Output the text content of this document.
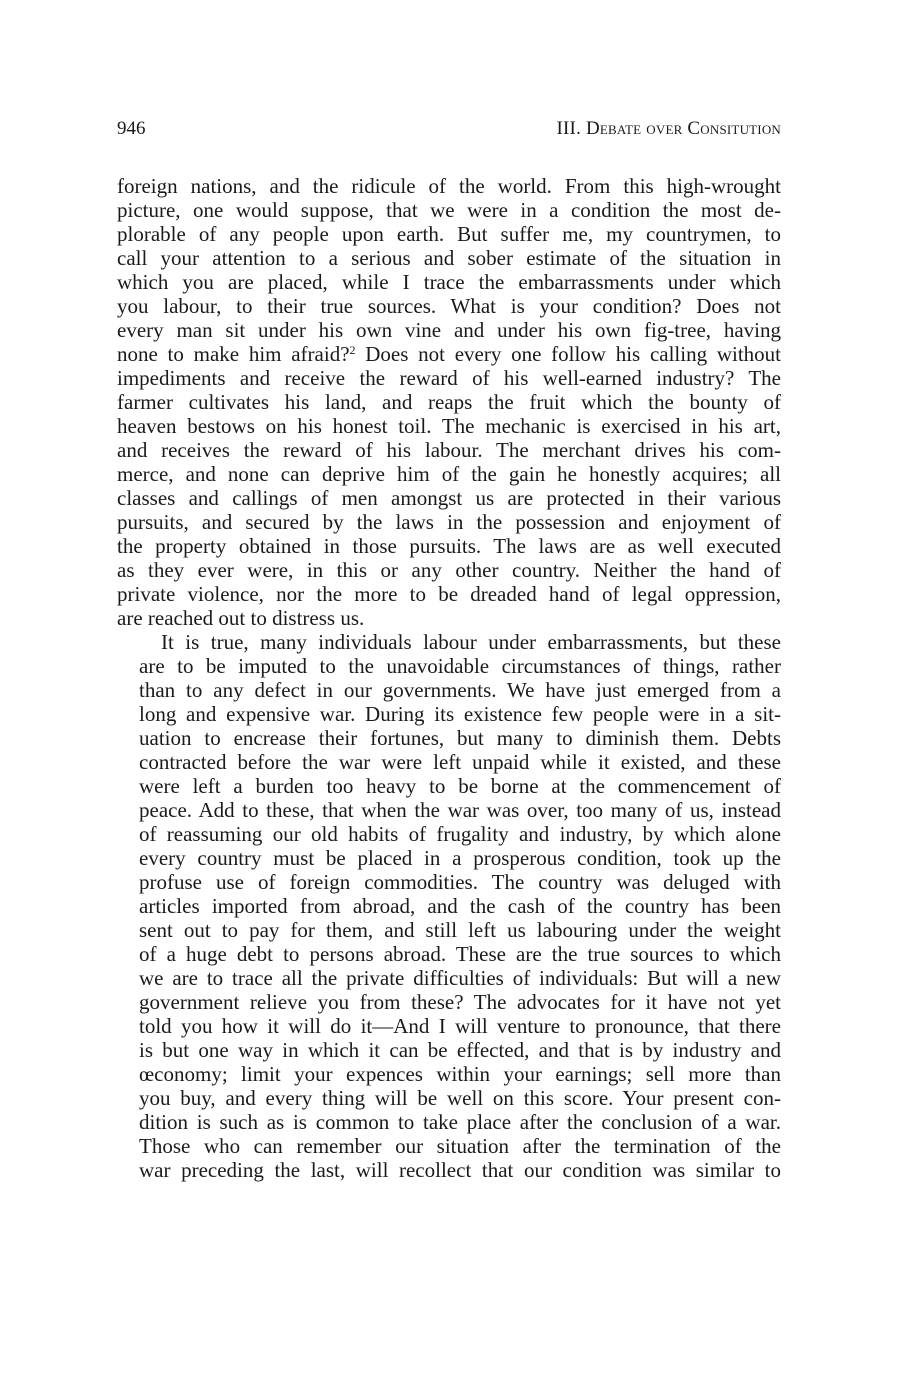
946	III. Debate over Consitution

foreign nations, and the ridicule of the world. From this high-wrought
picture, one would suppose, that we were in a condition the most de-
plorable of any people upon earth. But suffer me, my countrymen, to
call your attention to a serious and sober estimate of the situation in
which you are placed, while I trace the embarrassments under which
you labour, to their true sources. What is your condition? Does not
every man sit under his own vine and under his own fig-tree, having
none to make him afraid?$^2$ Does not every one follow his calling without
impediments and receive the reward of his well-earned industry? The
farmer cultivates his land, and reaps the fruit which the bounty of
heaven bestows on his honest toil. The mechanic is exercised in his art,
and receives the reward of his labour. The merchant drives his com-
merce, and none can deprive him of the gain he honestly acquires; all
classes and callings of men amongst us are protected in their various
pursuits, and secured by the laws in the possession and enjoyment of
the property obtained in those pursuits. The laws are as well executed
as they ever were, in this or any other country. Neither the hand of
private violence, nor the more to be dreaded hand of legal oppression,
are reached out to distress us.

It is true, many individuals labour under embarrassments, but these
are to be imputed to the unavoidable circumstances of things, rather
than to any defect in our governments. We have just emerged from a
long and expensive war. During its existence few people were in a sit-
uation to encrease their fortunes, but many to diminish them. Debts
contracted before the war were left unpaid while it existed, and these
were left a burden too heavy to be borne at the commencement of
peace. Add to these, that when the war was over, too many of us, instead
of reassuming our old habits of frugality and industry, by which alone
every country must be placed in a prosperous condition, took up the
profuse use of foreign commodities. The country was deluged with
articles imported from abroad, and the cash of the country has been
sent out to pay for them, and still left us labouring under the weight
of a huge debt to persons abroad. These are the true sources to which
we are to trace all the private difficulties of individuals: But will a new
government relieve you from these? The advocates for it have not yet
told you how it will do it—And I will venture to pronounce, that there
is but one way in which it can be effected, and that is by industry and
œconomy; limit your expences within your earnings; sell more than
you buy, and every thing will be well on this score. Your present con-
dition is such as is common to take place after the conclusion of a war.
Those who can remember our situation after the termination of the
war preceding the last, will recollect that our condition was similar to
